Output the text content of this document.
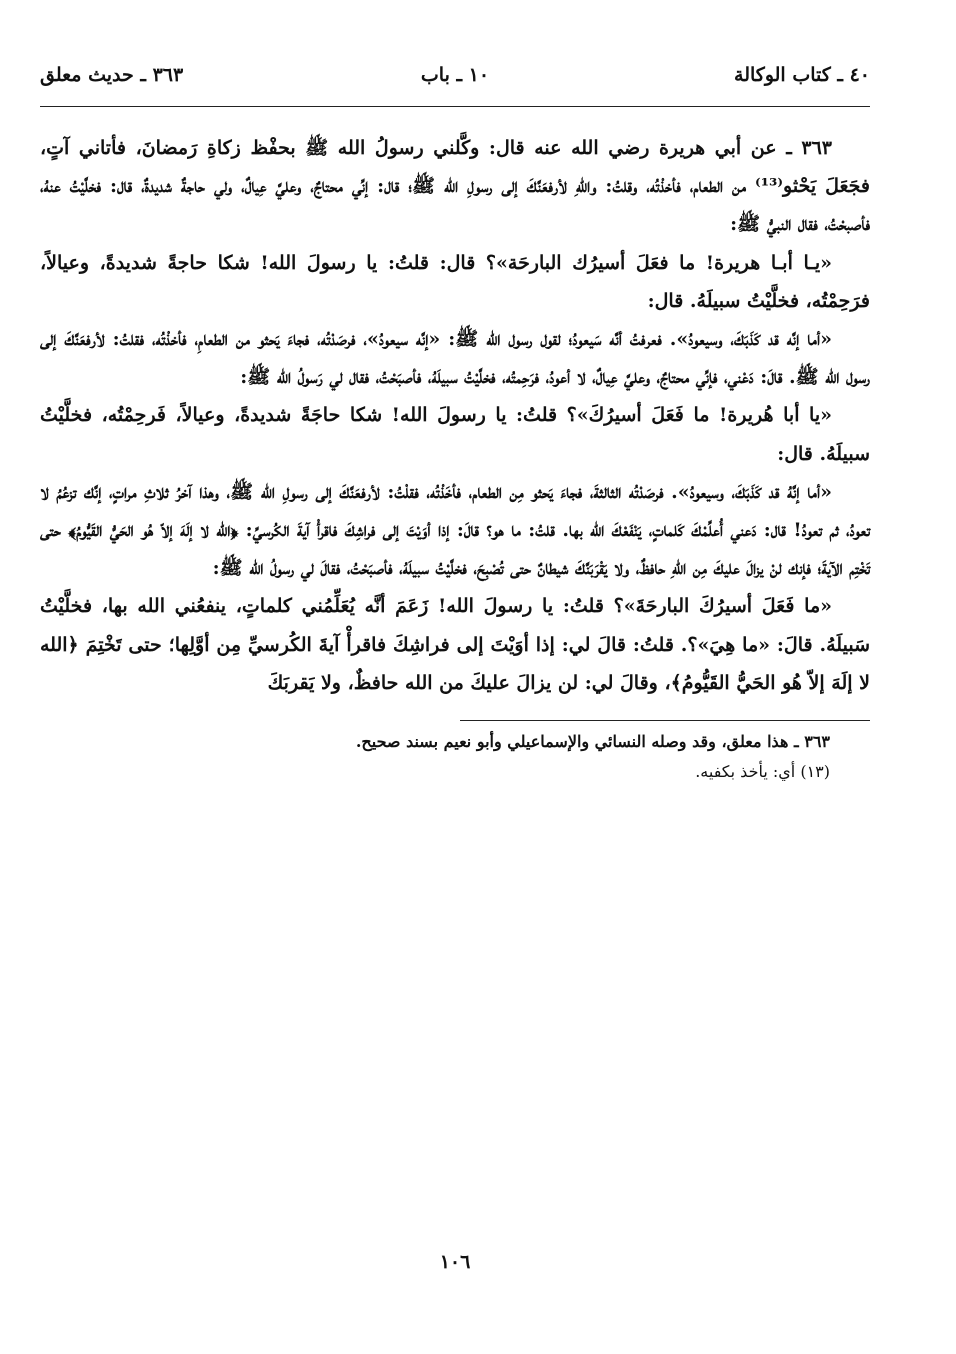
٤٠ ـ كتاب الوكالة
١٠ ـ باب
٣٦٣ ـ حديث معلق

٣٦٣ ـ عن أبي هريرة رضي الله عنه قال: وكَّلني رسولُ الله ﷺ بحفْظ زكاةِ رَمضانَ، فأتاني آتٍ، فجَعَلَ يَحْثو⁽¹³⁾ من الطعام، فأخذْتُه، وقلتُ: واللهِ لأرفعَنَّكَ إلى رسولِ الله ﷺ؛ قال: إنِّي محتاجٌ، وعليَّ عِيالٌ، ولي حاجةٌ شديدةٌ، قال: فخلَّيْتُ عنهُ، فأصبحْتُ، فقال النبيُّ ﷺ:

«يـا أبـا هريرة! ما فعَلَ أسيرُك البارحَة»؟ قال: قلتُ: يا رسولَ الله! شكا حاجةً شديدةً، وعيالاً، فرَحِمْتُه، فخلَّيْتُ سبيلَهُ. قال:

«أما إنَّه قد كَذَبَكَ، وسيعودُ». فعرفتُ أنَّه سَيعودُ؛ لقول رسول الله ﷺ: «إنَّه سيعودُ»، فرصَدْتُه، فجاءَ يَحثو من الطعامِ، فأخذْتُه، فقلتُ: لأرفعَنَّكَ إلى رسول الله ﷺ. قالَ: دَعْني، فإنِّي محتاجٌ، وعليَّ عِيالٌ، لا أعودُ، فرَحِمتُه، فخلَّيْتُ سبيلَهُ، فأصبَحْتُ، فقال لي رَسولُ الله ﷺ:

«يا أبا هُريرة! ما فَعَلَ أسيرُكَ»؟ قلتُ: يا رسولَ الله! شكا حاجَةً شديدةً، وعيالاً، فَرحِمْتُه، فخلَّيْتُ سبيلَهُ. قال:

«أما إنَّهُ قد كَذَبَكَ، وسيعودُ». فرصَدْتُه الثالثةَ، فجاءَ يَحثو مِن الطعام، فأخَذْتُه، فقلْتُ: لأرفعَنَّكَ إلى رسولِ الله ﷺ، وهذا آخرُ ثلاثِ مراتٍ، إنَّك تزعُمُ لا تعودُ، ثم تعودُ! قال: دَعني أُعلِّمْكَ كَلماتٍ، يَنْفَعْكَ الله بها. قلتُ: ما هو؟ قالَ: إذا أوَيْتَ إلى فراشِكَ فاقرأْ آيةَ الكُرسيِّ: ﴿الله لا إلَهَ إلاّ هُو الحَيُّ القَيُّومُ﴾ حتى تَخْتِم الآيةَ؛ فإنك لنْ يزالَ عليكَ مِن اللهِ حافظٌ، ولا يَقْرَبَنَّكَ شيطانٌ حتى تُصْبِحَ، فخلَّيْتُ سبيلَهُ، فأصبَحْتُ، فقالَ لي رسولُ الله ﷺ:

«ما فَعَلَ أسيرُكَ البارحَةَ»؟ قلتُ: يا رسولَ الله! زَعَمَ أنَّه يُعَلِّمُني كلماتٍ، ينفعُني الله بها، فخلَّيْتُ سَبيلَهُ. قالَ: «ما هِيَ»؟. قلتُ: قالَ لي: إذا أوَيْتَ إلى فراشِكَ فاقرأْ آيةَ الكُرسيِّ مِن أوَّلِها؛ حتى تَخْتِمَ ﴿الله لا إلَهَ إلاّ هُو الحَيُّ القَيُّومُ﴾، وقالَ لي: لن يزالَ عليكَ من الله حافظٌ، ولا يَقربَكَ

٣٦٣ ـ هذا معلق، وقد وصله النسائي والإسماعيلي وأبو نعيم بسند صحيح.
(١٣) أي: يأخذ بكفيه.
١٠٦
